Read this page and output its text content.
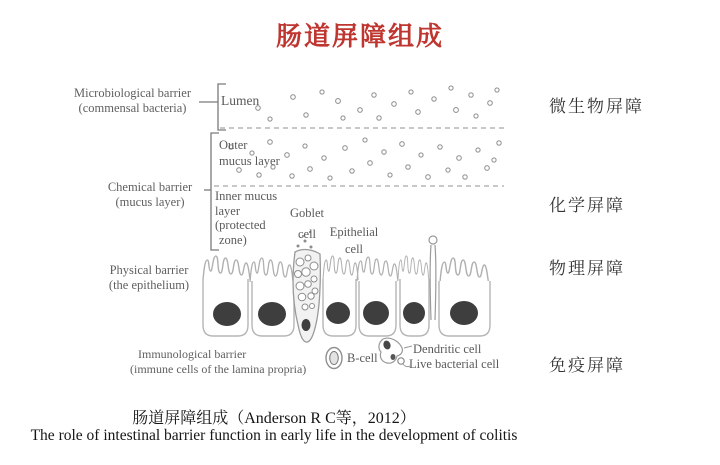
肠道屏障组成
Microbiological barrier
(commensal bacteria)
Chemical barrier
(mucus layer)
Physical barrier
(the epithelium)
Immunological barrier
(immune cells of the lamina propria)
Lumen
Outer
mucus layer
Inner mucus
layer
(protected
zone)
Goblet
cell	Epithelial
cell
B-cell
Dendritic cell
Live bacterial cell
微生物屏障
化学屏障
物理屏障
免疫屏障
肠道屏障组成（Anderson R C等，2012）
The role of intestinal barrier function in early life in the development of colitis
